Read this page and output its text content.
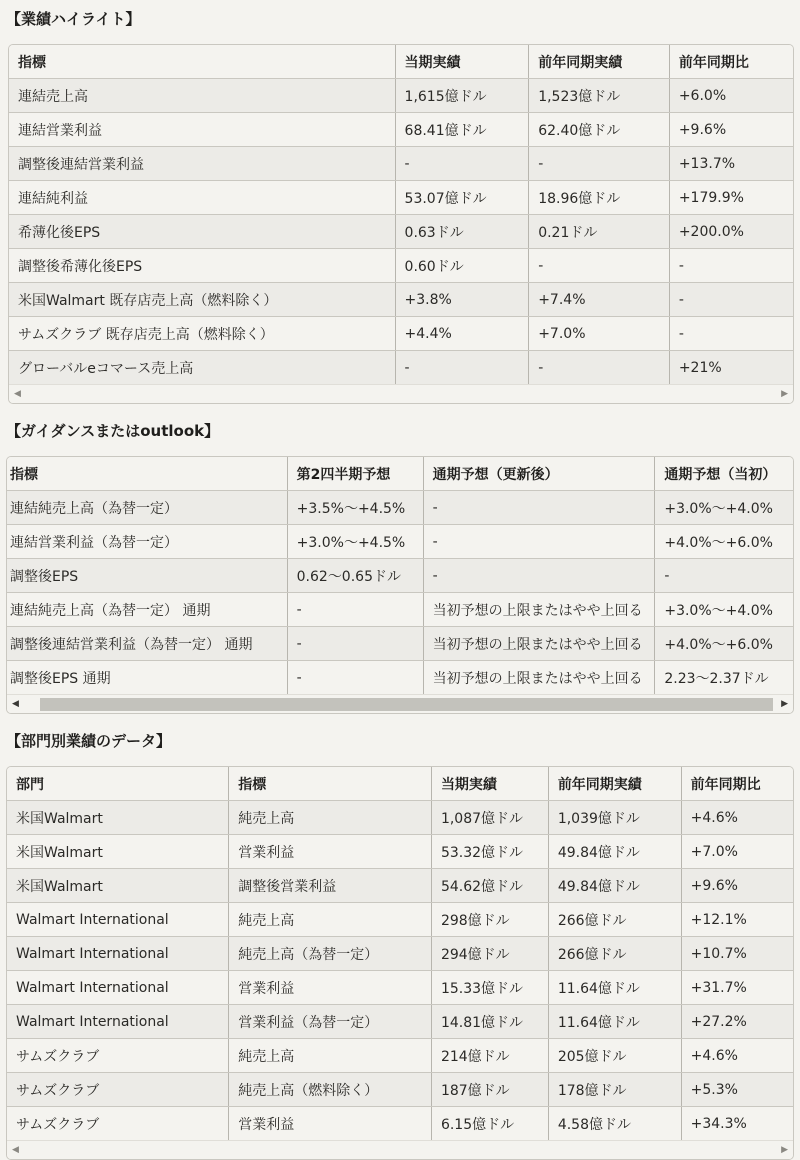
【業績ハイライト】
指標	当期実績	前年同期実績	前年同期比
連結売上高	1,615億ドル	1,523億ドル	+6.0%
連結営業利益	68.41億ドル	62.40億ドル	+9.6%
調整後連結営業利益	-	-	+13.7%
連結純利益	53.07億ドル	18.96億ドル	+179.9%
希薄化後EPS	0.63ドル	0.21ドル	+200.0%
調整後希薄化後EPS	0.60ドル	-	-
米国Walmart 既存店売上高（燃料除く）	+3.8%	+7.4%	-
サムズクラブ 既存店売上高（燃料除く）	+4.4%	+7.0%	-
グローバルeコマース売上高	-	-	+21%
◀	▶
【ガイダンスまたはoutlook】
指標	第2四半期予想	通期予想（更新後）	通期予想（当初）
連結純売上高（為替一定）	+3.5%〜+4.5%	-	+3.0%〜+4.0%
連結営業利益（為替一定）	+3.0%〜+4.5%	-	+4.0%〜+6.0%
調整後EPS	0.62〜0.65ドル	-	-
連結純売上高（為替一定） 通期	-	当初予想の上限またはやや上回る	+3.0%〜+4.0%
調整後連結営業利益（為替一定） 通期	-	当初予想の上限またはやや上回る	+4.0%〜+6.0%
調整後EPS 通期	-	当初予想の上限またはやや上回る	2.23〜2.37ドル
◀	▶
【部門別業績のデータ】
部門	指標	当期実績	前年同期実績	前年同期比
米国Walmart	純売上高	1,087億ドル	1,039億ドル	+4.6%
米国Walmart	営業利益	53.32億ドル	49.84億ドル	+7.0%
米国Walmart	調整後営業利益	54.62億ドル	49.84億ドル	+9.6%
Walmart International	純売上高	298億ドル	266億ドル	+12.1%
Walmart International	純売上高（為替一定）	294億ドル	266億ドル	+10.7%
Walmart International	営業利益	15.33億ドル	11.64億ドル	+31.7%
Walmart International	営業利益（為替一定）	14.81億ドル	11.64億ドル	+27.2%
サムズクラブ	純売上高	214億ドル	205億ドル	+4.6%
サムズクラブ	純売上高（燃料除く）	187億ドル	178億ドル	+5.3%
サムズクラブ	営業利益	6.15億ドル	4.58億ドル	+34.3%
◀	▶
